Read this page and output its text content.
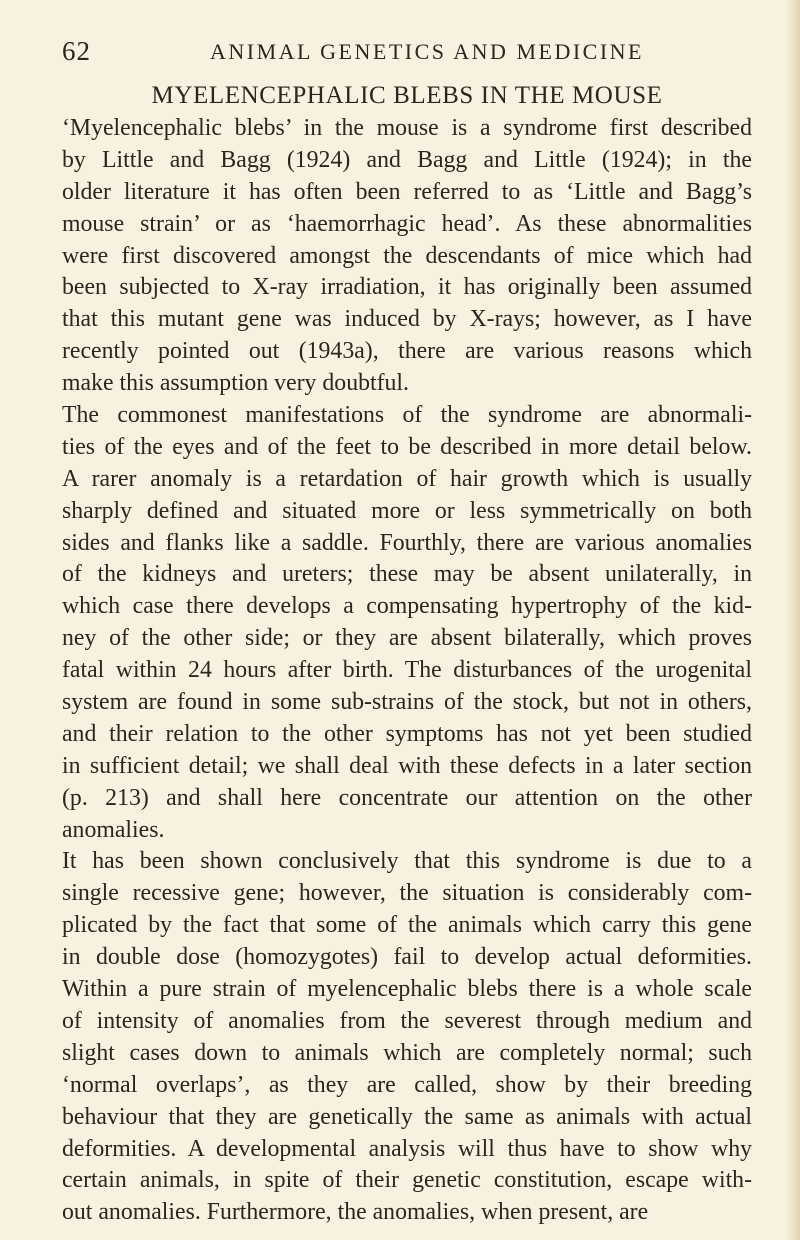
62	ANIMAL GENETICS AND MEDICINE
MYELENCEPHALIC BLEBS IN THE MOUSE

‘Myelencephalic blebs’ in the mouse is a syndrome first described
by Little and Bagg (1924) and Bagg and Little (1924); in the
older literature it has often been referred to as ‘Little and Bagg’s
mouse strain’ or as ‘haemorrhagic head’. As these abnormalities
were first discovered amongst the descendants of mice which had
been subjected to X-ray irradiation, it has originally been assumed
that this mutant gene was induced by X-rays; however, as I have
recently pointed out (1943a), there are various reasons which
make this assumption very doubtful.

The commonest manifestations of the syndrome are abnormali-
ties of the eyes and of the feet to be described in more detail below.
A rarer anomaly is a retardation of hair growth which is usually
sharply defined and situated more or less symmetrically on both
sides and flanks like a saddle. Fourthly, there are various anomalies
of the kidneys and ureters; these may be absent unilaterally, in
which case there develops a compensating hypertrophy of the kid-
ney of the other side; or they are absent bilaterally, which proves
fatal within 24 hours after birth. The disturbances of the urogenital
system are found in some sub-strains of the stock, but not in others,
and their relation to the other symptoms has not yet been studied
in sufficient detail; we shall deal with these defects in a later section
(p. 213) and shall here concentrate our attention on the other
anomalies.

It has been shown conclusively that this syndrome is due to a
single recessive gene; however, the situation is considerably com-
plicated by the fact that some of the animals which carry this gene
in double dose (homozygotes) fail to develop actual deformities.
Within a pure strain of myelencephalic blebs there is a whole scale
of intensity of anomalies from the severest through medium and
slight cases down to animals which are completely normal; such
‘normal overlaps’, as they are called, show by their breeding
behaviour that they are genetically the same as animals with actual
deformities. A developmental analysis will thus have to show why
certain animals, in spite of their genetic constitution, escape with-
out anomalies. Furthermore, the anomalies, when present, are
